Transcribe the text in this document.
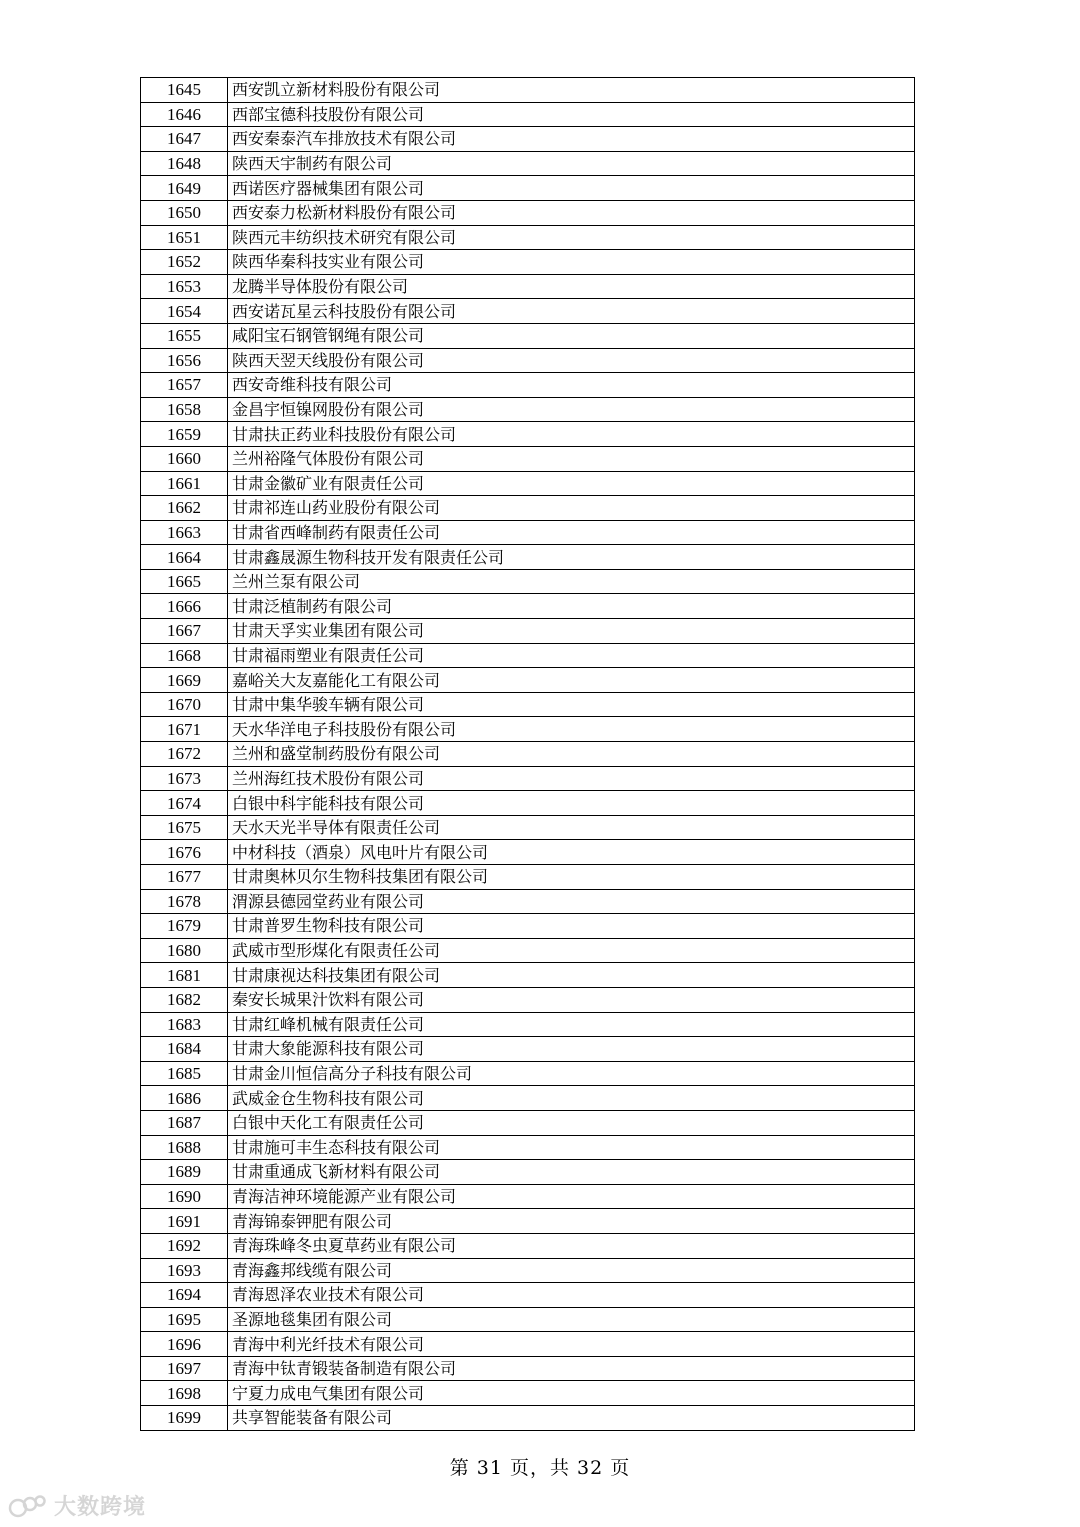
1645	西安凯立新材料股份有限公司
1646	西部宝德科技股份有限公司
1647	西安秦泰汽车排放技术有限公司
1648	陕西天宇制药有限公司
1649	西诺医疗器械集团有限公司
1650	西安泰力松新材料股份有限公司
1651	陕西元丰纺织技术研究有限公司
1652	陕西华秦科技实业有限公司
1653	龙腾半导体股份有限公司
1654	西安诺瓦星云科技股份有限公司
1655	咸阳宝石钢管钢绳有限公司
1656	陕西天翌天线股份有限公司
1657	西安奇维科技有限公司
1658	金昌宇恒镍网股份有限公司
1659	甘肃扶正药业科技股份有限公司
1660	兰州裕隆气体股份有限公司
1661	甘肃金徽矿业有限责任公司
1662	甘肃祁连山药业股份有限公司
1663	甘肃省西峰制药有限责任公司
1664	甘肃鑫晟源生物科技开发有限责任公司
1665	兰州兰泵有限公司
1666	甘肃泛植制药有限公司
1667	甘肃天孚实业集团有限公司
1668	甘肃福雨塑业有限责任公司
1669	嘉峪关大友嘉能化工有限公司
1670	甘肃中集华骏车辆有限公司
1671	天水华洋电子科技股份有限公司
1672	兰州和盛堂制药股份有限公司
1673	兰州海红技术股份有限公司
1674	白银中科宇能科技有限公司
1675	天水天光半导体有限责任公司
1676	中材科技（酒泉）风电叶片有限公司
1677	甘肃奥林贝尔生物科技集团有限公司
1678	渭源县德园堂药业有限公司
1679	甘肃普罗生物科技有限公司
1680	武威市型形煤化有限责任公司
1681	甘肃康视达科技集团有限公司
1682	秦安长城果汁饮料有限公司
1683	甘肃红峰机械有限责任公司
1684	甘肃大象能源科技有限公司
1685	甘肃金川恒信高分子科技有限公司
1686	武威金仓生物科技有限公司
1687	白银中天化工有限责任公司
1688	甘肃施可丰生态科技有限公司
1689	甘肃重通成飞新材料有限公司
1690	青海洁神环境能源产业有限公司
1691	青海锦泰钾肥有限公司
1692	青海珠峰冬虫夏草药业有限公司
1693	青海鑫邦线缆有限公司
1694	青海恩泽农业技术有限公司
1695	圣源地毯集团有限公司
1696	青海中利光纤技术有限公司
1697	青海中钛青锻装备制造有限公司
1698	宁夏力成电气集团有限公司
1699	共享智能装备有限公司
第 31 页，共 32 页
大数跨境
